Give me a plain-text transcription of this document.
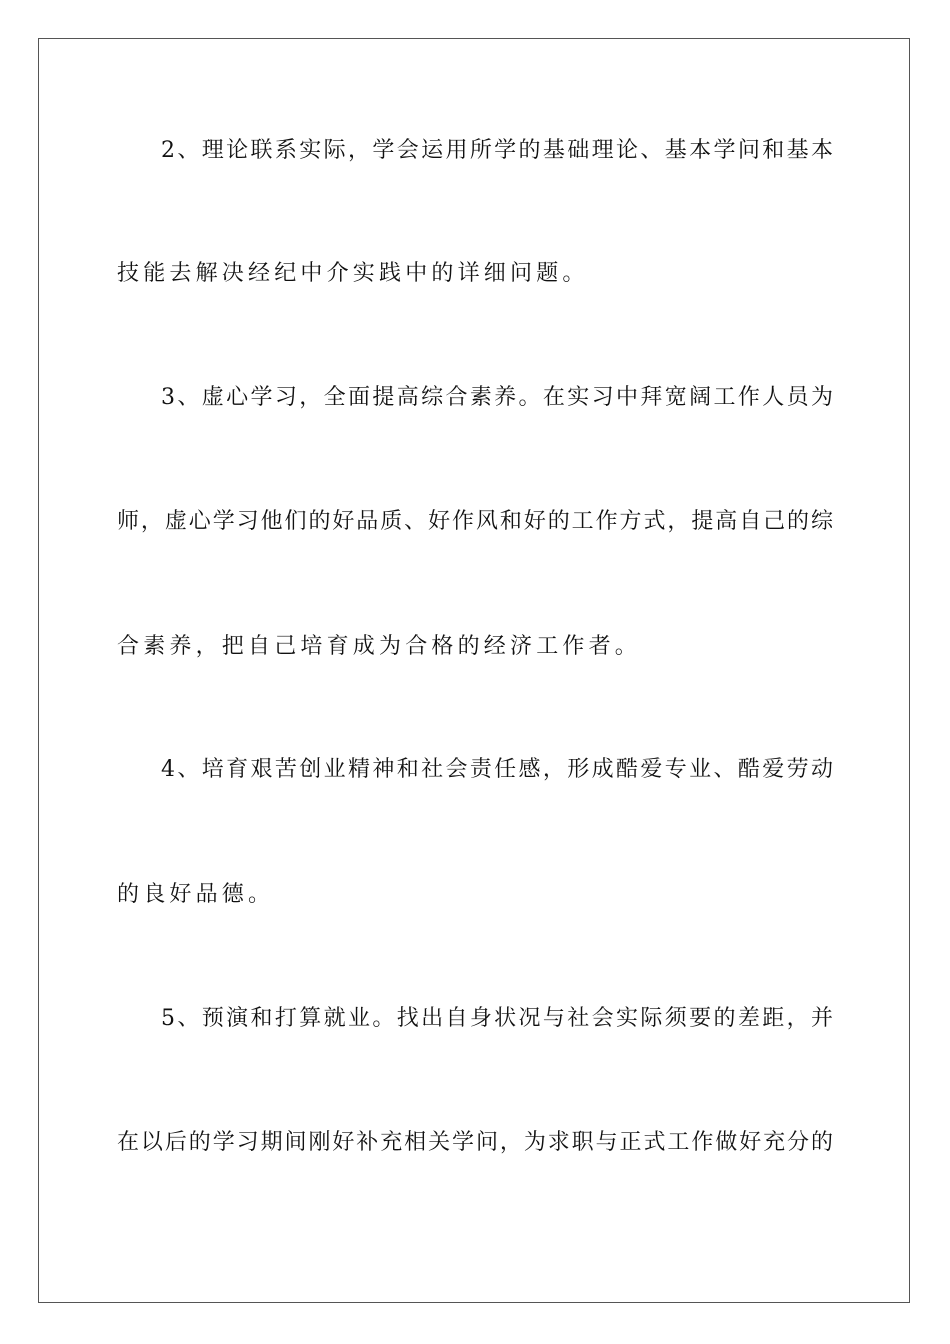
2、理论联系实际，学会运用所学的基础理论、基本学问和基本
技能去解决经纪中介实践中的详细问题。
3、虚心学习，全面提高综合素养。在实习中拜宽阔工作人员为
师，虚心学习他们的好品质、好作风和好的工作方式，提高自己的综
合素养，把自己培育成为合格的经济工作者。
4、培育艰苦创业精神和社会责任感，形成酷爱专业、酷爱劳动
的良好品德。
5、预演和打算就业。找出自身状况与社会实际须要的差距，并
在以后的学习期间刚好补充相关学问，为求职与正式工作做好充分的
